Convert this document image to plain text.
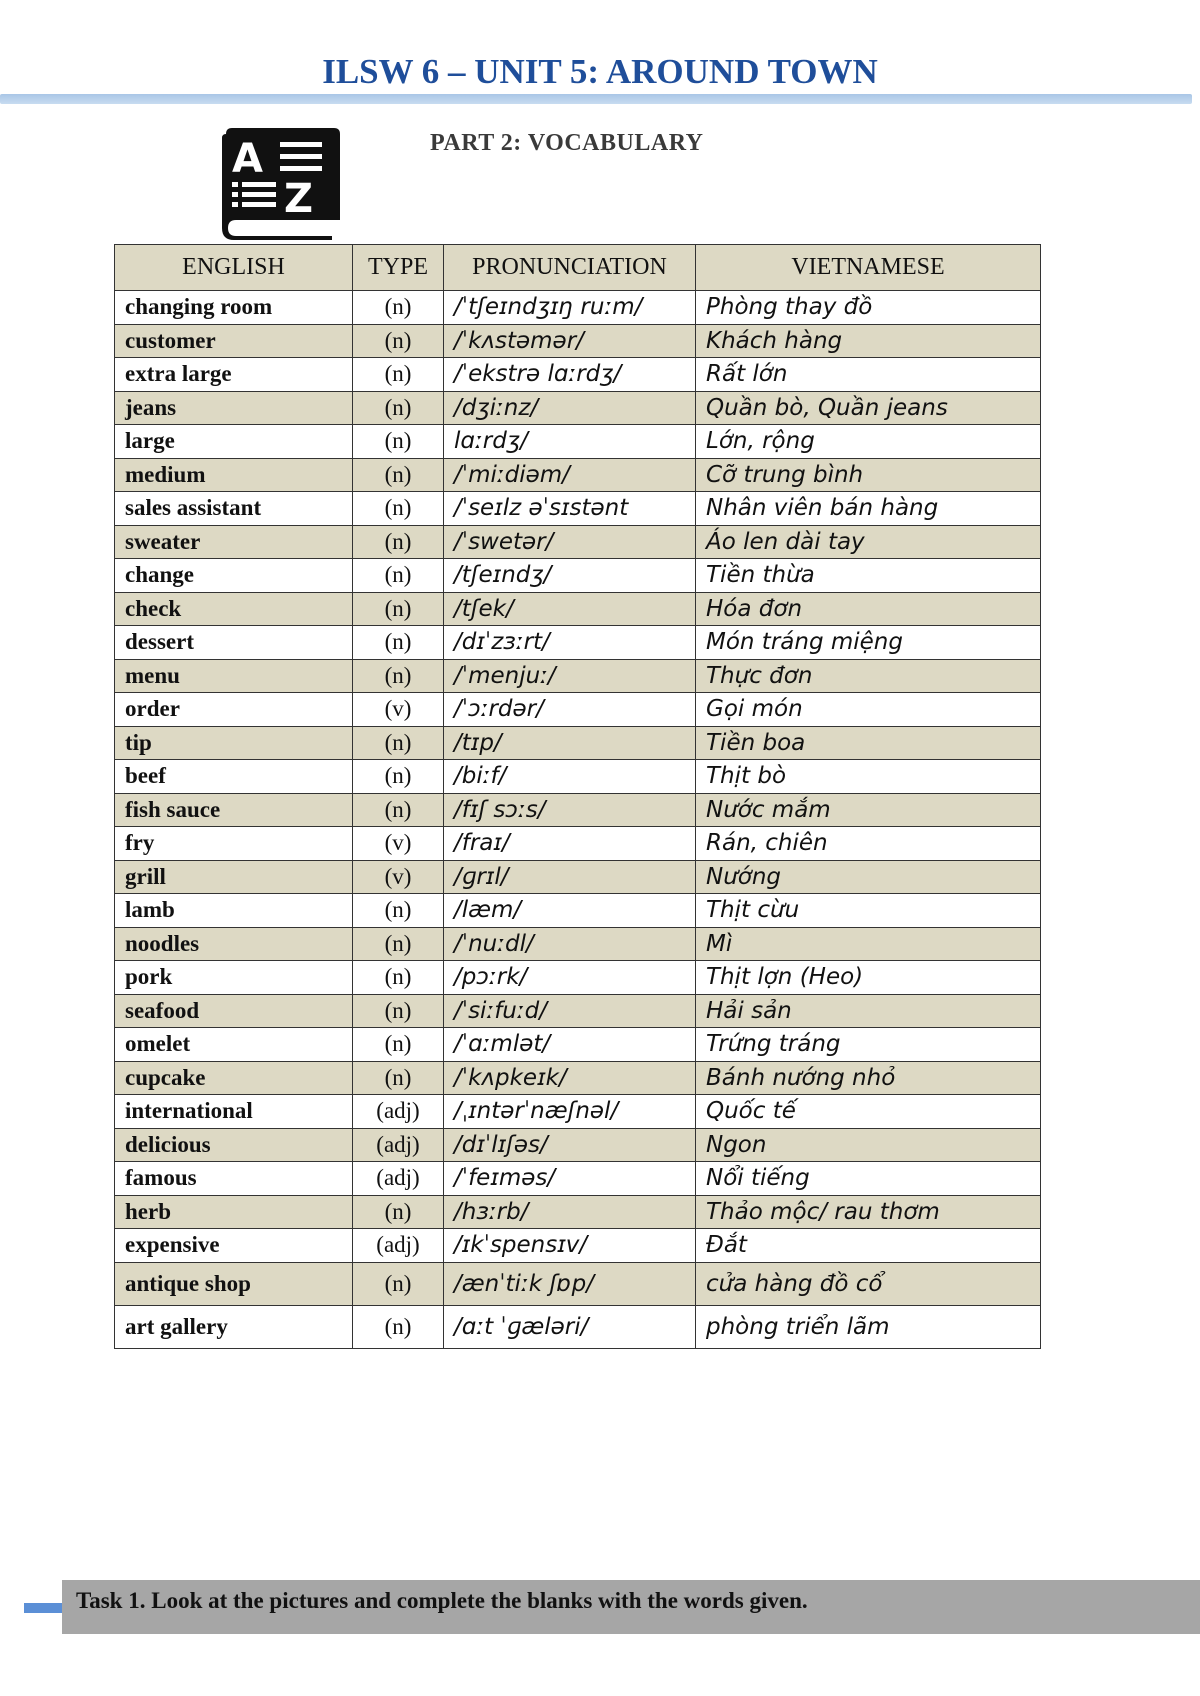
ILSW 6 – UNIT 5: AROUND TOWN
A
Z
PART 2: VOCABULARY
ENGLISH	TYPE	PRONUNCIATION	VIETNAMESE
changing room	(n)	/ˈtʃeɪndʒɪŋ ruːm/	Phòng thay đồ
customer	(n)	/ˈkʌstəmər/	Khách hàng
extra large	(n)	/ˈekstrə lɑːrdʒ/	Rất lớn
jeans	(n)	/dʒiːnz/	Quần bò, Quần jeans
large	(n)	lɑːrdʒ/	Lớn, rộng
medium	(n)	/ˈmiːdiəm/	Cỡ trung bình
sales assistant	(n)	/ˈseɪlz əˈsɪstənt	Nhân viên bán hàng
sweater	(n)	/ˈswetər/	Áo len dài tay
change	(n)	/tʃeɪndʒ/	Tiền thừa
check	(n)	/tʃek/	Hóa đơn
dessert	(n)	/dɪˈzɜːrt/	Món tráng miệng
menu	(n)	/ˈmenjuː/	Thực đơn
order	(v)	/ˈɔːrdər/	Gọi món
tip	(n)	/tɪp/	Tiền boa
beef	(n)	/biːf/	Thịt bò
fish sauce	(n)	/fɪʃ sɔːs/	Nước mắm
fry	(v)	/fraɪ/	Rán, chiên
grill	(v)	/ɡrɪl/	Nướng
lamb	(n)	/læm/	Thịt cừu
noodles	(n)	/ˈnuːdl/	Mì
pork	(n)	/pɔːrk/	Thịt lợn (Heo)
seafood	(n)	/ˈsiːfuːd/	Hải sản
omelet	(n)	/ˈɑːmlət/	Trứng tráng
cupcake	(n)	/ˈkʌpkeɪk/	Bánh nướng nhỏ
international	(adj)	/ˌɪntərˈnæʃnəl/	Quốc tế
delicious	(adj)	/dɪˈlɪʃəs/	Ngon
famous	(adj)	/ˈfeɪməs/	Nổi tiếng
herb	(n)	/hɜːrb/	Thảo mộc/ rau thơm
expensive	(adj)	/ɪkˈspensɪv/	Đắt
antique shop	(n)	/ænˈtiːk ʃɒp/	cửa hàng đồ cổ
art gallery	(n)	/ɑːt ˈɡæləri/	phòng triển lãm
Task 1. Look at the pictures and complete the blanks with the words given.
